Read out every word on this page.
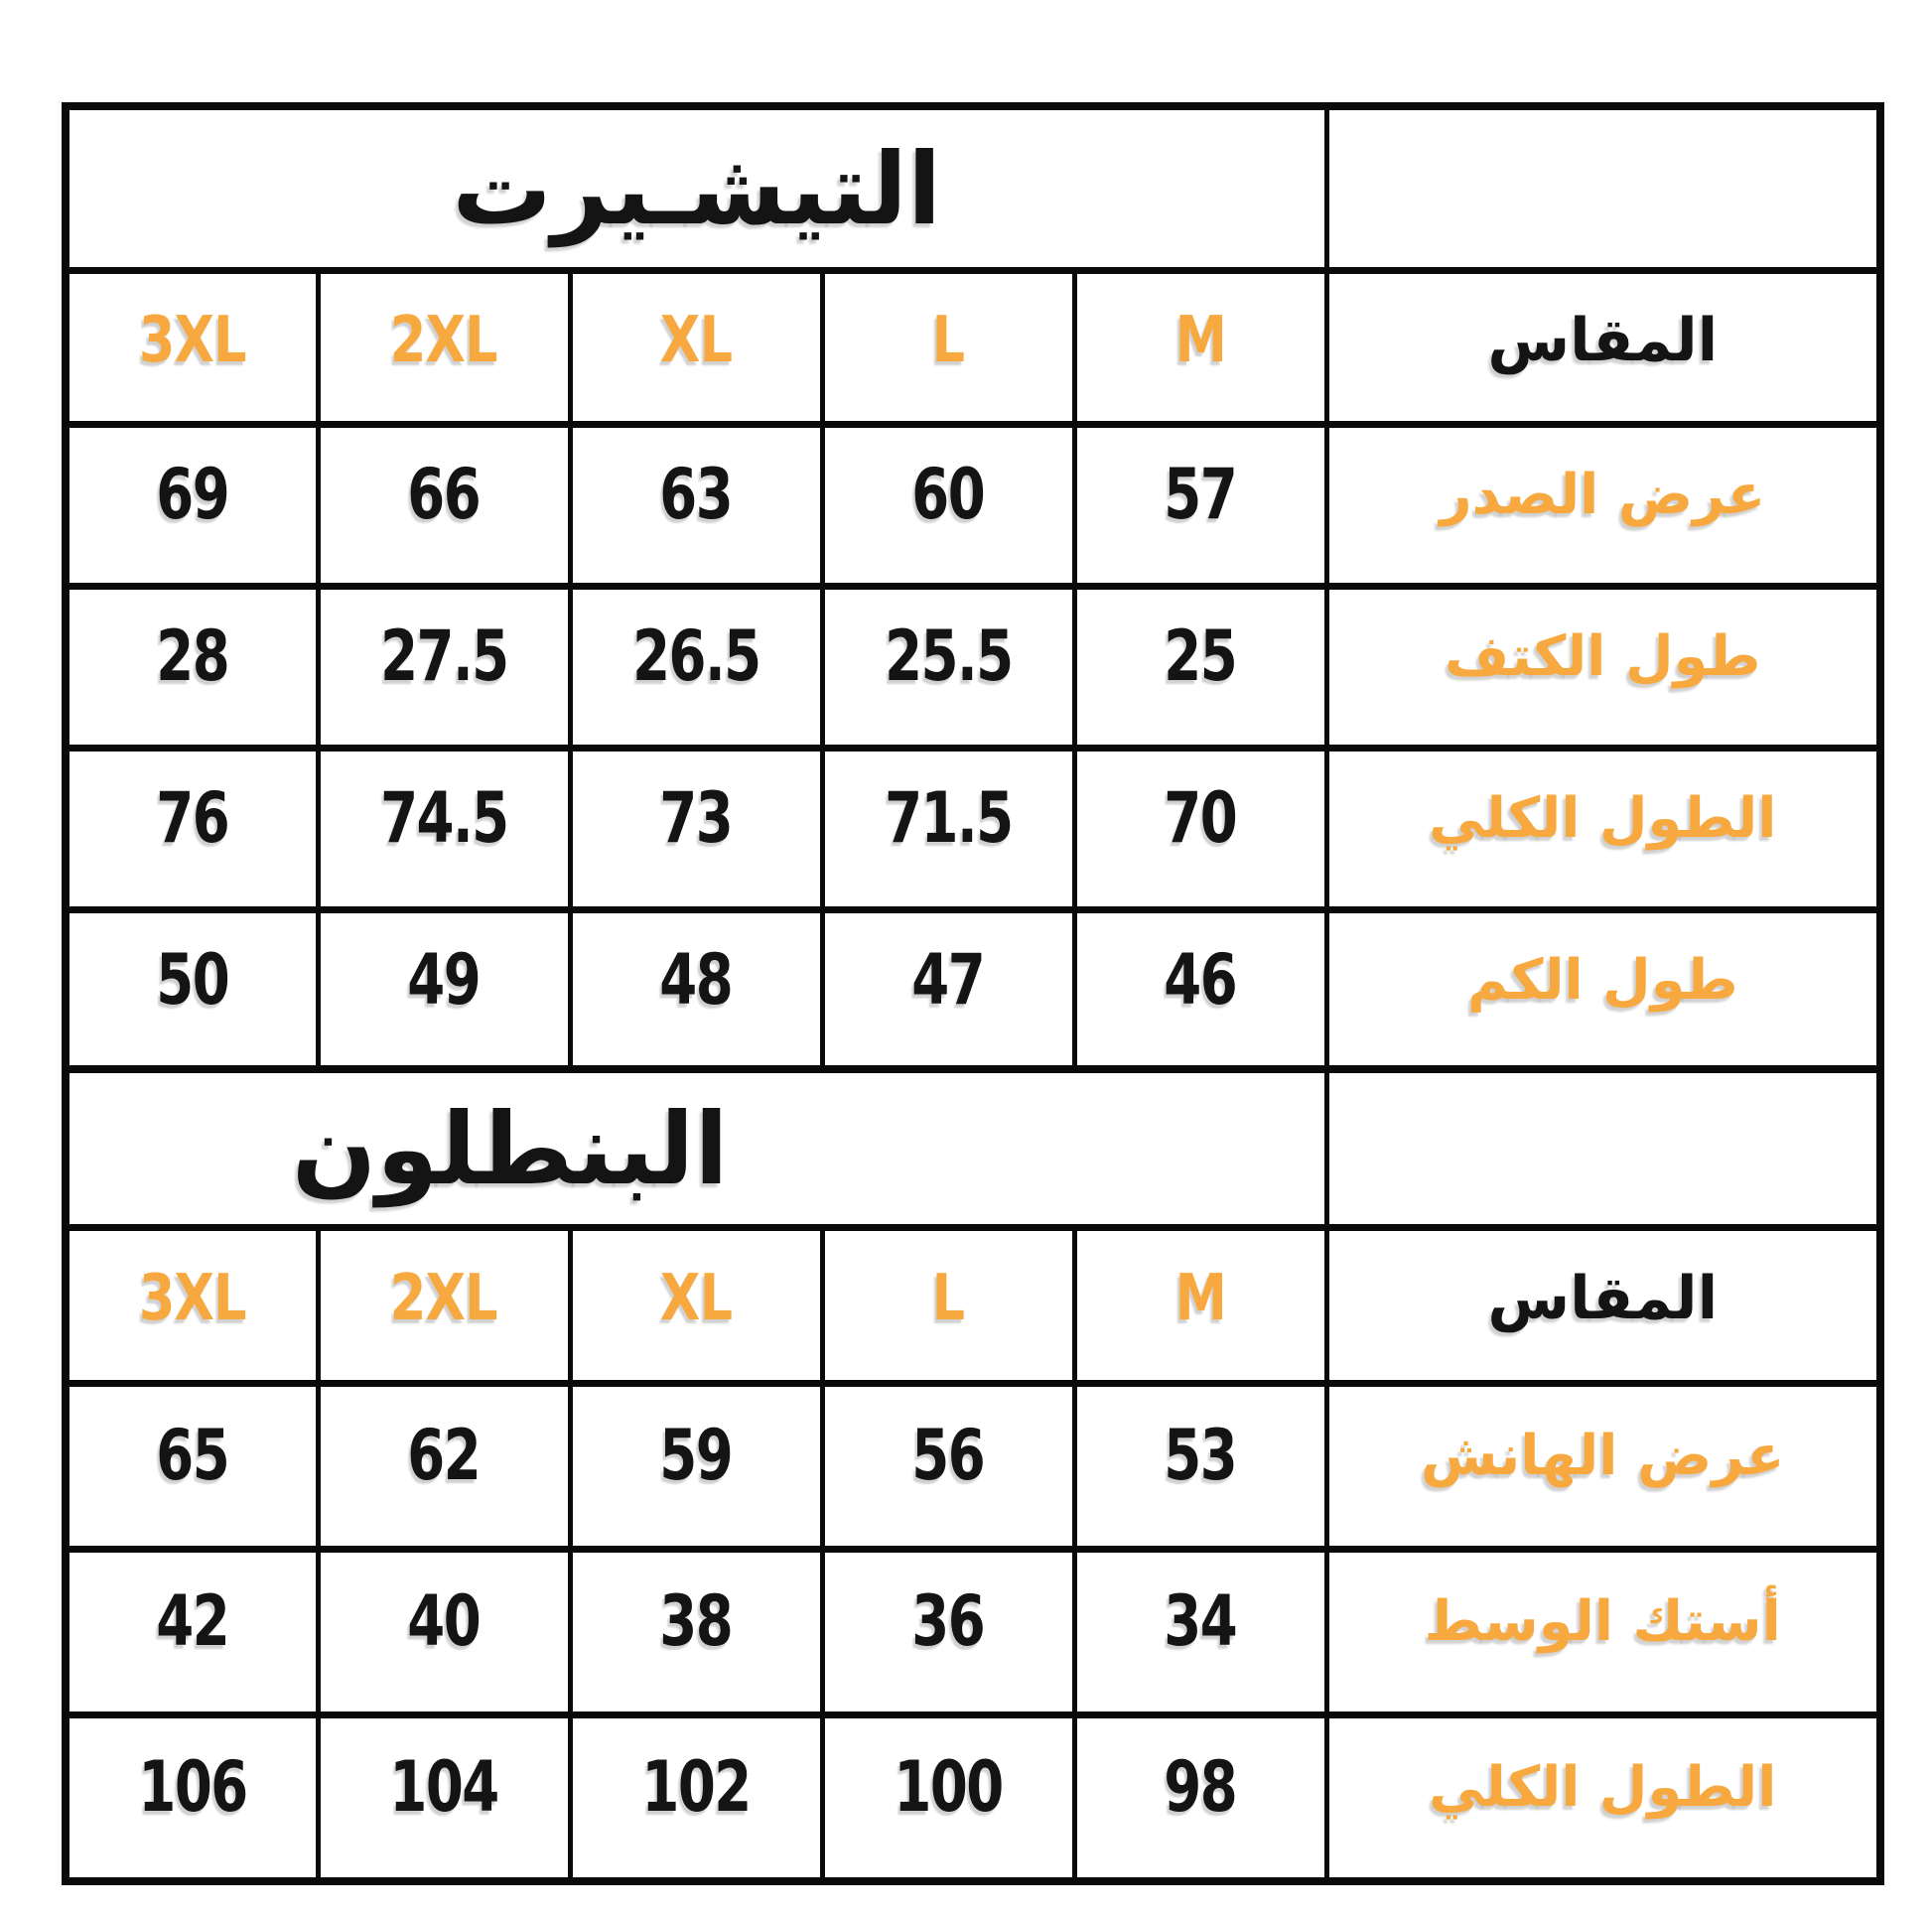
التيشـيرت					
3XL	2XL	XL	L	M	المقاس
69	66	63	60	57	عرض الصدر
28	27.5	26.5	25.5	25	طول الكتف
76	74.5	73	71.5	70	الطول الكلي
50	49	48	47	46	طول الكم
البنطلون					
3XL	2XL	XL	L	M	المقاس
65	62	59	56	53	عرض الهانش
42	40	38	36	34	أستك الوسط
106	104	102	100	98	الطول الكلي
